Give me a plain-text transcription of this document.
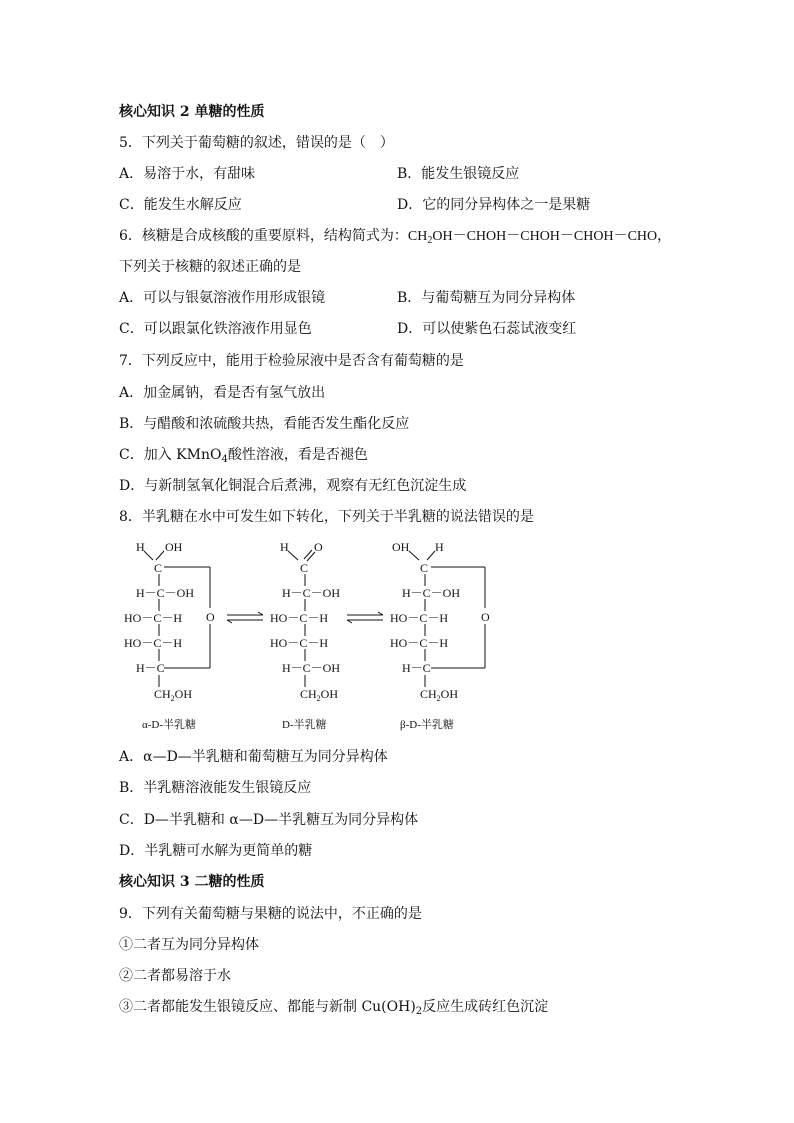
核心知识 2 单糖的性质
5．下列关于葡萄糖的叙述，错误的是（　）
A．易溶于水，有甜味	B．能发生银镜反应
C．能发生水解反应	D．它的同分异构体之一是果糖
6．核糖是合成核酸的重要原料，结构简式为：$CH_2OH-CHOH-CHOH-CHOH-CHO$，
下列关于核糖的叙述正确的是
A．可以与银氨溶液作用形成银镜	B．与葡萄糖互为同分异构体
C．可以跟氯化铁溶液作用显色	D．可以使紫色石蕊试液变红
7．下列反应中，能用于检验尿液中是否含有葡萄糖的是
A．加金属钠，看是否有氢气放出
B．与醋酸和浓硫酸共热，看能否发生酯化反应
C．加入 KMnO$_4$酸性溶液，看是否褪色
D．与新制氢氧化铜混合后煮沸，观察有无红色沉淀生成
8．半乳糖在水中可发生如下转化，下列关于半乳糖的说法错误的是
H OH
C
H－C－OH
HO－C－H
HO－C－H
H－C
$CH_2OH$
O
H O
C
H－C－OH
HO－C－H
HO－C－H
H－C－OH
$CH_2OH$
OH H
C
H－C－OH
HO－C－H
HO－C－H
H－C
$CH_2OH$
O
α-D-半乳糖	D-半乳糖	β-D-半乳糖
A．α—D—半乳糖和葡萄糖互为同分异构体
B．半乳糖溶液能发生银镜反应
C．D—半乳糖和 α—D—半乳糖互为同分异构体
D．半乳糖可水解为更简单的糖
核心知识 3 二糖的性质
9．下列有关葡萄糖与果糖的说法中，不正确的是
①二者互为同分异构体
②二者都易溶于水
③二者都能发生银镜反应、都能与新制 $Cu(OH)_2$反应生成砖红色沉淀
